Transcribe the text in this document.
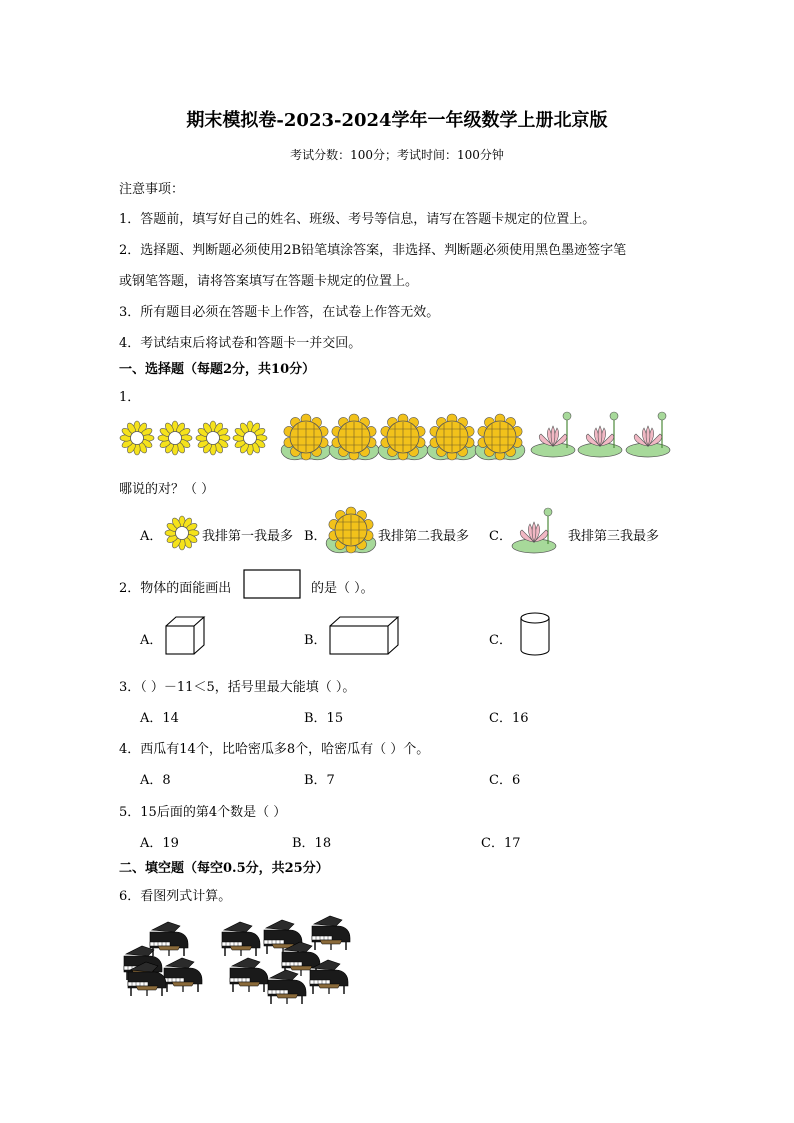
期末模拟卷-2023-2024学年一年级数学上册北京版
考试分数：100分；考试时间：100分钟
注意事项：
1．答题前，填写好自己的姓名、班级、考号等信息，请写在答题卡规定的位置上。
2．选择题、判断题必须使用2B铅笔填涂答案，非选择、判断题必须使用黑色墨迹签字笔
或钢笔答题，请将答案填写在答题卡规定的位置上。
3．所有题目必须在答题卡上作答，在试卷上作答无效。
4．考试结束后将试卷和答题卡一并交回。
一、选择题（每题2分，共10分）
1．
哪说的对？（ ）
A．	我排第一我最多 B．	我排第二我最多 C．	我排第三我最多
2．物体的面能画出	的是（ ）。
A．	B．	C．
3．（ ）－11＜5，括号里最大能填（ ）。
A．14	B．15	C．16
4．西瓜有14个，比哈密瓜多8个，哈密瓜有（ ）个。
A．8	B．7	C．6
5．15后面的第4个数是（ ）
A．19	B．18	C．17
二、填空题（每空0.5分，共25分）
6．看图列式计算。
